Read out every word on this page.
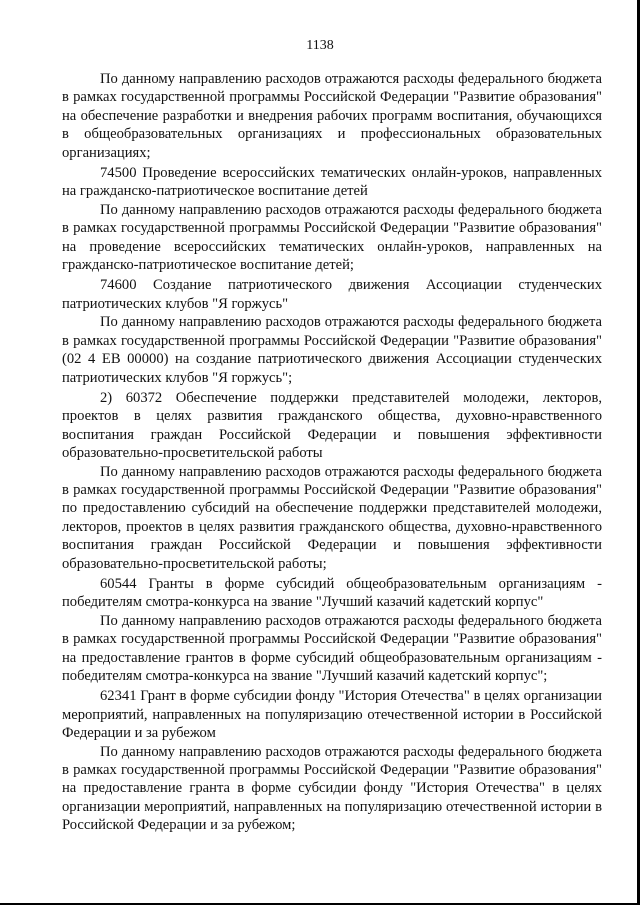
1138

По данному направлению расходов отражаются расходы федерального бюджета в рамках государственной программы Российской Федерации "Развитие образования" на обеспечение разработки и внедрения рабочих программ воспитания, обучающихся в общеобразовательных организациях и профессиональных образовательных организациях;

74500 Проведение всероссийских тематических онлайн-уроков, направленных на гражданско-патриотическое воспитание детей

По данному направлению расходов отражаются расходы федерального бюджета в рамках государственной программы Российской Федерации "Развитие образования" на проведение всероссийских тематических онлайн-уроков, направленных на гражданско-патриотическое воспитание детей;

74600 Создание патриотического движения Ассоциации студенческих патриотических клубов "Я горжусь"

По данному направлению расходов отражаются расходы федерального бюджета в рамках государственной программы Российской Федерации "Развитие образования" (02 4 ЕВ 00000) на создание патриотического движения Ассоциации студенческих патриотических клубов "Я горжусь";

2) 60372 Обеспечение поддержки представителей молодежи, лекторов, проектов в целях развития гражданского общества, духовно-нравственного воспитания граждан Российской Федерации и повышения эффективности образовательно-просветительской работы

По данному направлению расходов отражаются расходы федерального бюджета в рамках государственной программы Российской Федерации "Развитие образования" по предоставлению субсидий на обеспечение поддержки представителей молодежи, лекторов, проектов в целях развития гражданского общества, духовно-нравственного воспитания граждан Российской Федерации и повышения эффективности образовательно-просветительской работы;

60544 Гранты в форме субсидий общеобразовательным организациям - победителям смотра-конкурса на звание "Лучший казачий кадетский корпус"

По данному направлению расходов отражаются расходы федерального бюджета в рамках государственной программы Российской Федерации "Развитие образования" на предоставление грантов в форме субсидий общеобразовательным организациям - победителям смотра-конкурса на звание "Лучший казачий кадетский корпус";

62341 Грант в форме субсидии фонду "История Отечества" в целях организации мероприятий, направленных на популяризацию отечественной истории в Российской Федерации и за рубежом

По данному направлению расходов отражаются расходы федерального бюджета в рамках государственной программы Российской Федерации "Развитие образования" на предоставление гранта в форме субсидии фонду "История Отечества" в целях организации мероприятий, направленных на популяризацию отечественной истории в Российской Федерации и за рубежом;
